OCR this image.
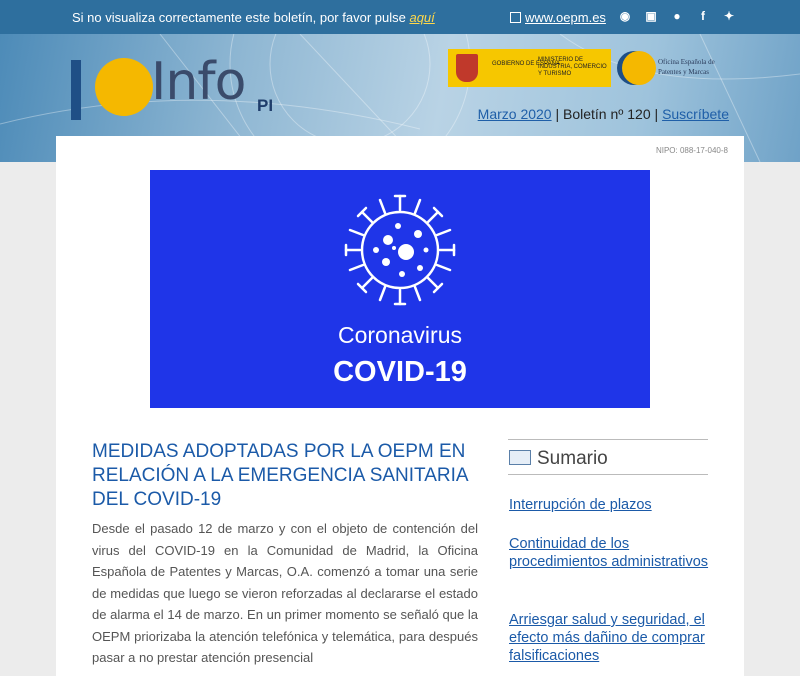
Si no visualiza correctamente este boletín, por favor pulse aquí	www.oepm.es ◉ ▣ ●	f	✦
Info PI
GOBIERNO DE ESPAÑA
MINISTERIO DE INDUSTRIA, COMERCIO Y TURISMO
Oficina Española de Patentes y Marcas
Marzo 2020 | Boletín nº 120 | Suscríbete
NIPO: 088-17-040-8
Coronavirus
COVID-19
MEDIDAS ADOPTADAS POR LA OEPM EN RELACIÓN A LA EMERGENCIA SANITARIA DEL COVID-19
Desde el pasado 12 de marzo y con el objeto de contención del virus del COVID-19 en la Comunidad de Madrid, la Oficina Española de Patentes y Marcas, O.A. comenzó a tomar una serie de medidas que luego se vieron reforzadas al declararse el estado de alarma el 14 de marzo. En un primer momento se señaló que la OEPM priorizaba la atención telefónica y telemática, para después pasar a no prestar atención presencial
Sumario
Interrupción de plazos
Continuidad de los procedimientos administrativos
Arriesgar salud y seguridad, el efecto más dañino de comprar falsificaciones
